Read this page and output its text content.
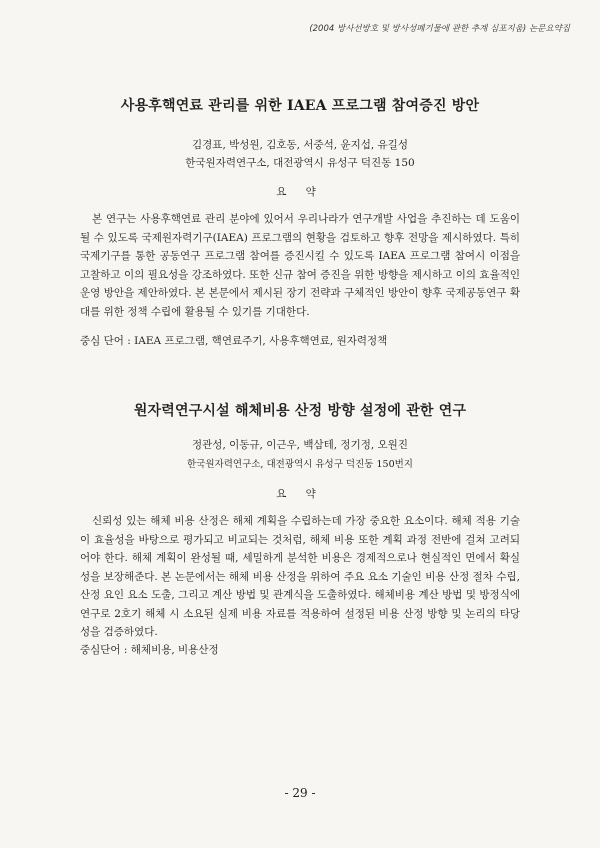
(2004 방사선방호 및 방사성폐기물에 관한 추계 심포지움) 논문요약집
사용후핵연료 관리를 위한 IAEA 프로그램 참여증진 방안
김경표, 박성원, 김호동, 서중석, 윤지섭, 유길성
한국원자력연구소, 대전광역시 유성구 덕진동 150
요 약

본 연구는 사용후핵연료 관리 분야에 있어서 우리나라가 연구개발 사업을 추진하는 데 도움이 될 수 있도록 국제원자력기구(IAEA) 프로그램의 현황을 검토하고 향후 전망을 제시하였다. 특히 국제기구를 통한 공동연구 프로그램 참여를 증진시킬 수 있도록 IAEA 프로그램 참여시 이점을 고찰하고 이의 필요성을 강조하였다. 또한 신규 참여 증진을 위한 방향을 제시하고 이의 효율적인 운영 방안을 제안하였다. 본 본문에서 제시된 장기 전략과 구체적인 방안이 향후 국제공동연구 확대를 위한 정책 수립에 활용될 수 있기를 기대한다.

중심 단어 : IAEA 프로그램, 핵연료주기, 사용후핵연료, 원자력정책
원자력연구시설 해체비용 산정 방향 설정에 관한 연구
정관성, 이동규, 이근우, 백삼테, 정기정, 오원진
한국원자력연구소, 대전광역시 유성구 덕진동 150번지
요 약

신뢰성 있는 해체 비용 산정은 해체 계획을 수립하는데 가장 중요한 요소이다. 해체 적용 기술이 효율성을 바탕으로 평가되고 비교되는 것처럼, 해체 비용 또한 계획 과정 전반에 걸쳐 고려되어야 한다. 해체 계획이 완성될 때, 세밀하게 분석한 비용은 경제적으로나 현실적인 면에서 확실성을 보장해준다. 본 논문에서는 해체 비용 산정을 위하여 주요 요소 기술인 비용 산정 절차 수립, 산정 요인 요소 도출, 그리고 계산 방법 및 관계식을 도출하였다. 해체비용 계산 방법 및 방정식에 연구로 2호기 해체 시 소요된 실제 비용 자료를 적용하여 설정된 비용 산정 방향 및 논리의 타당성을 검증하였다.

중심단어 : 해체비용, 비용산정
- 29 -
